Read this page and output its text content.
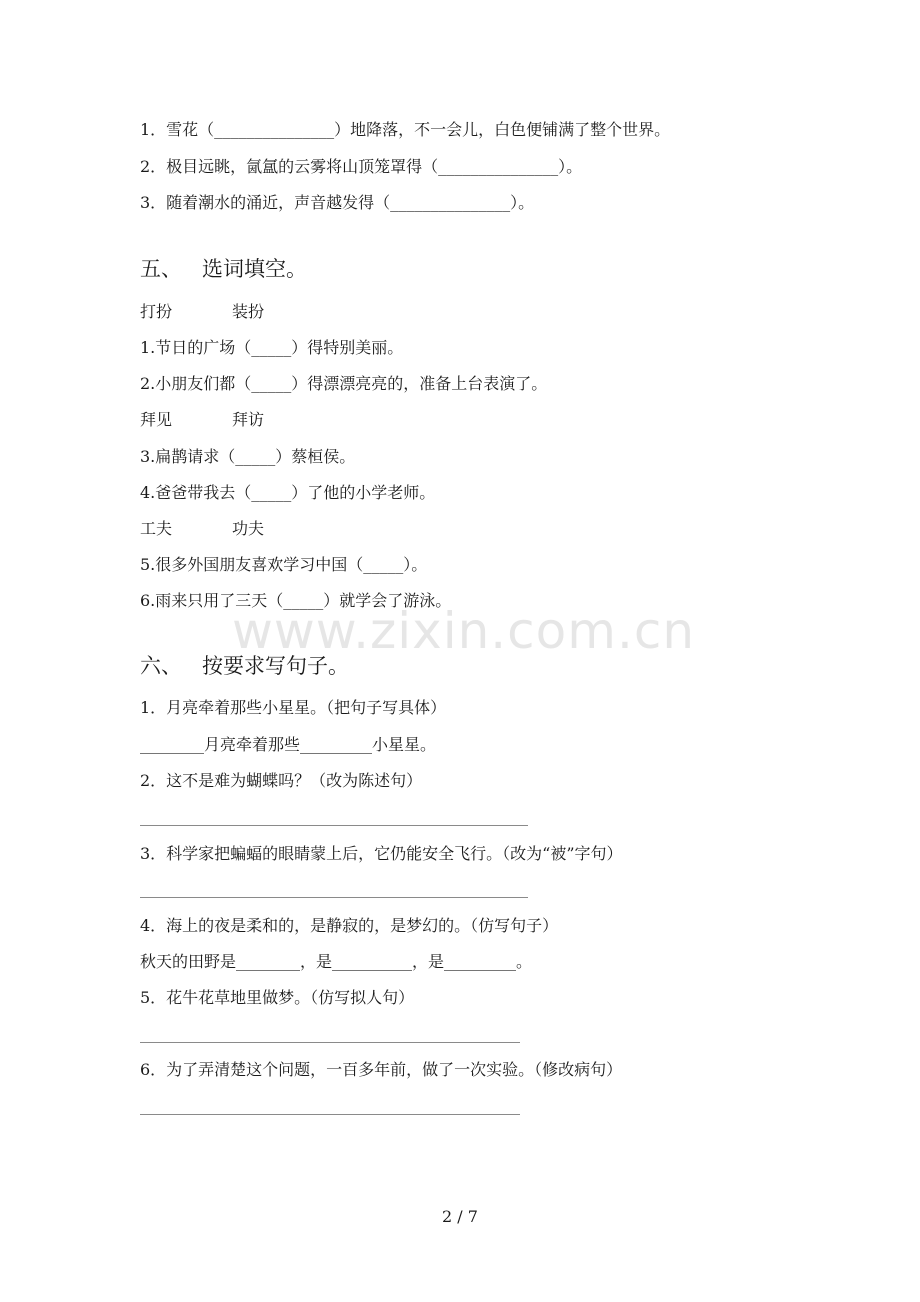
1．雪花（_______________）地降落，不一会儿，白色便铺满了整个世界。
2．极目远眺，氤氲的云雾将山顶笼罩得（_______________）。
3．随着潮水的涌近，声音越发得（_______________）。
五、 选词填空。
打扮	装扮
1.节日的广场（_____）得特别美丽。
2.小朋友们都（_____）得漂漂亮亮的，准备上台表演了。
拜见	拜访
3.扁鹊请求（_____）蔡桓侯。
4.爸爸带我去（_____）了他的小学老师。
工夫	功夫
5.很多外国朋友喜欢学习中国（_____）。
6.雨来只用了三天（_____）就学会了游泳。
www.zixin.com.cn
六、 按要求写句子。
1．月亮牵着那些小星星。（把句子写具体）
________月亮牵着那些_________小星星。
2．这不是难为蝴蝶吗？（改为陈述句）
3．科学家把蝙蝠的眼睛蒙上后，它仍能安全飞行。（改为“被”字句）
4．海上的夜是柔和的，是静寂的，是梦幻的。（仿写句子）
秋天的田野是________，是__________，是_________。
5．花牛花草地里做梦。（仿写拟人句）
6．为了弄清楚这个问题，一百多年前，做了一次实验。（修改病句）
2 / 7
